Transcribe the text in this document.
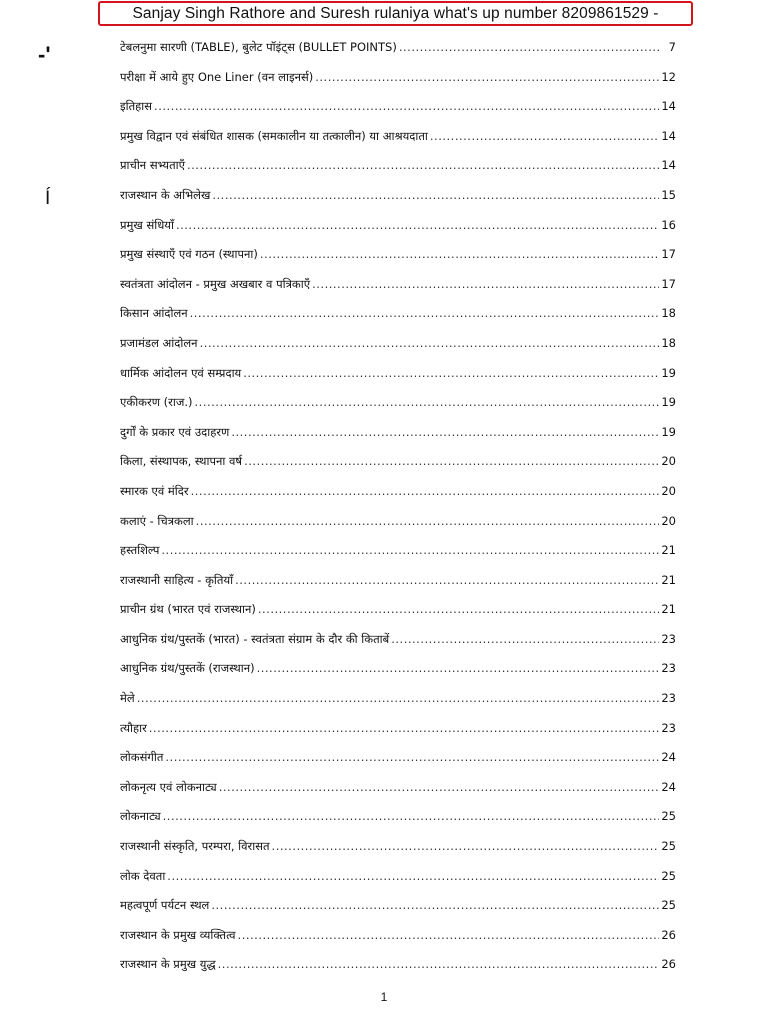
Sanjay Singh Rathore and Suresh rulaniya what's up number 8209861529 -
-'
Í
टेबलनुमा सारणी (TABLE), बुलेट पॉइंट्स (BULLET POINTS) .....	7
परीक्षा में आये हुए One Liner (वन लाइनर्स) .....	12
इतिहास .....	14
प्रमुख विद्वान एवं संबंधित शासक (समकालीन या तत्कालीन) या आश्रयदाता .....	14
प्राचीन सभ्यताएँ .....	14
राजस्थान के अभिलेख .....	15
प्रमुख संधियाँ .....	16
प्रमुख संस्थाएँ एवं गठन (स्थापना) .....	17
स्वतंत्रता आंदोलन - प्रमुख अखबार व पत्रिकाएँ .....	17
किसान आंदोलन .....	18
प्रजामंडल आंदोलन .....	18
धार्मिक आंदोलन एवं सम्प्रदाय .....	19
एकीकरण (राज.) .....	19
दुर्गों के प्रकार एवं उदाहरण .....	19
किला, संस्थापक, स्थापना वर्ष .....	20
स्मारक एवं मंदिर .....	20
कलाएं - चित्रकला .....	20
हस्तशिल्प .....	21
राजस्थानी साहित्य - कृतियाँ .....	21
प्राचीन ग्रंथ (भारत एवं राजस्थान) .....	21
आधुनिक ग्रंथ/पुस्तकें (भारत) - स्वतंत्रता संग्राम के दौर की किताबें .....	23
आधुनिक ग्रंथ/पुस्तकें (राजस्थान) .....	23
मेले .....	23
त्यौहार .....	23
लोकसंगीत .....	24
लोकनृत्य एवं लोकनाट्य .....	24
लोकनाट्य .....	25
राजस्थानी संस्कृति, परम्परा, विरासत .....	25
लोक देवता .....	25
महत्वपूर्ण पर्यटन स्थल .....	25
राजस्थान के प्रमुख व्यक्तित्व .....	26
राजस्थान के प्रमुख युद्ध .....	26
1
